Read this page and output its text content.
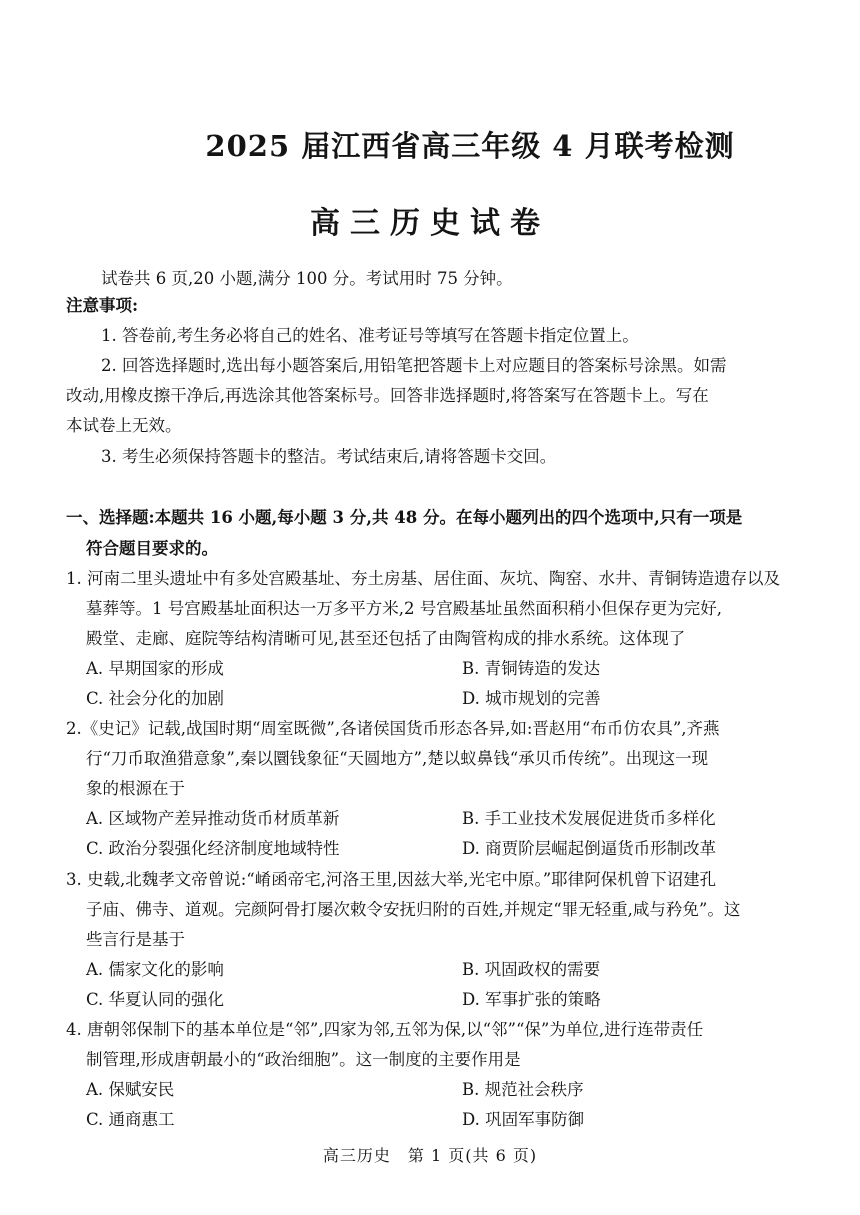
2025 届江西省高三年级 4 月联考检测
高三历史试卷
试卷共 6 页,20 小题,满分 100 分。考试用时 75 分钟。
注意事项:
1. 答卷前,考生务必将自己的姓名、准考证号等填写在答题卡指定位置上。
2. 回答选择题时,选出每小题答案后,用铅笔把答题卡上对应题目的答案标号涂黑。如需
改动,用橡皮擦干净后,再选涂其他答案标号。回答非选择题时,将答案写在答题卡上。写在
本试卷上无效。
3. 考生必须保持答题卡的整洁。考试结束后,请将答题卡交回。
一、选择题:本题共 16 小题,每小题 3 分,共 48 分。在每小题列出的四个选项中,只有一项是
符合题目要求的。
1. 河南二里头遗址中有多处宫殿基址、夯土房基、居住面、灰坑、陶窑、水井、青铜铸造遗存以及
墓葬等。1 号宫殿基址面积达一万多平方米,2 号宫殿基址虽然面积稍小但保存更为完好,
殿堂、走廊、庭院等结构清晰可见,甚至还包括了由陶管构成的排水系统。这体现了
A. 早期国家的形成	B. 青铜铸造的发达
C. 社会分化的加剧	D. 城市规划的完善
2.《史记》记载,战国时期“周室既微”,各诸侯国货币形态各异,如:晋赵用“布币仿农具”,齐燕
行“刀币取渔猎意象”,秦以圜钱象征“天圆地方”,楚以蚁鼻钱“承贝币传统”。出现这一现
象的根源在于
A. 区域物产差异推动货币材质革新	B. 手工业技术发展促进货币多样化
C. 政治分裂强化经济制度地域特性	D. 商贾阶层崛起倒逼货币形制改革
3. 史载,北魏孝文帝曾说:“崤函帝宅,河洛王里,因兹大举,光宅中原。”耶律阿保机曾下诏建孔
子庙、佛寺、道观。完颜阿骨打屡次敕令安抚归附的百姓,并规定“罪无轻重,咸与矜免”。这
些言行是基于
A. 儒家文化的影响	B. 巩固政权的需要
C. 华夏认同的强化	D. 军事扩张的策略
4. 唐朝邻保制下的基本单位是“邻”,四家为邻,五邻为保,以“邻”“保”为单位,进行连带责任
制管理,形成唐朝最小的“政治细胞”。这一制度的主要作用是
A. 保赋安民	B. 规范社会秩序
C. 通商惠工	D. 巩固军事防御
高三历史　第 1 页(共 6 页)
